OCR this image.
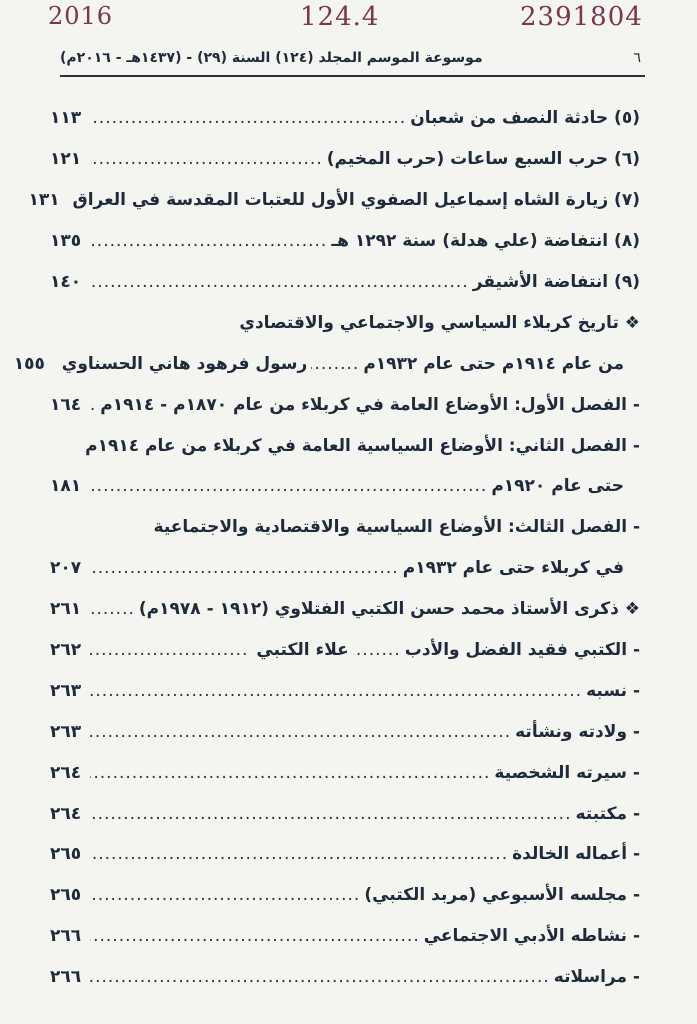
2016	124.4	2391804
٦
موسوعة الموسم المجلد (١٢٤) السنة (٢٩) - (١٤٣٧هـ - ٢٠١٦م)
(٥) حادثة النصف من شعبان
.....
١١٣
(٦) حرب السبع ساعات (حرب المخيم)
.....
١٢١
(٧) زيارة الشاه إسماعيل الصفوي الأول للعتبات المقدسة في العراق
١٣١
(٨) انتفاضة (علي هدلة) سنة ١٢٩٢ هـ
.....
١٣٥
(٩) انتفاضة الأشيقر
.....
١٤٠
❖ تاريخ كربلاء السياسي والاجتماعي والاقتصادي
من عام ١٩١٤م حتى عام ١٩٣٢م
.....
رسول فرهود هاني الحسناوي
١٥٥
- الفصل الأول: الأوضاع العامة في كربلاء من عام ١٨٧٠م - ١٩١٤م
.....
١٦٤
- الفصل الثاني: الأوضاع السياسية العامة في كربلاء من عام ١٩١٤م
حتى عام ١٩٢٠م
.....
١٨١
- الفصل الثالث: الأوضاع السياسية والاقتصادية والاجتماعية
في كربلاء حتى عام ١٩٣٢م
.....
٢٠٧
❖ ذكرى الأستاذ محمد حسن الكتبي الفتلاوي (١٩١٢ - ١٩٧٨م)
.....
٢٦١
- الكتبي فقيد الفضل والأدب
.....
علاء الكتبي
.....
٢٦٢
- نسبه
.....
٢٦٣
- ولادته ونشأته
.....
٢٦٣
- سيرته الشخصية
.....
٢٦٤
- مكتبته
.....
٢٦٤
- أعماله الخالدة
.....
٢٦٥
- مجلسه الأسبوعي (مربد الكتبي)
.....
٢٦٥
- نشاطه الأدبي الاجتماعي
.....
٢٦٦
- مراسلاته
.....
٢٦٦
